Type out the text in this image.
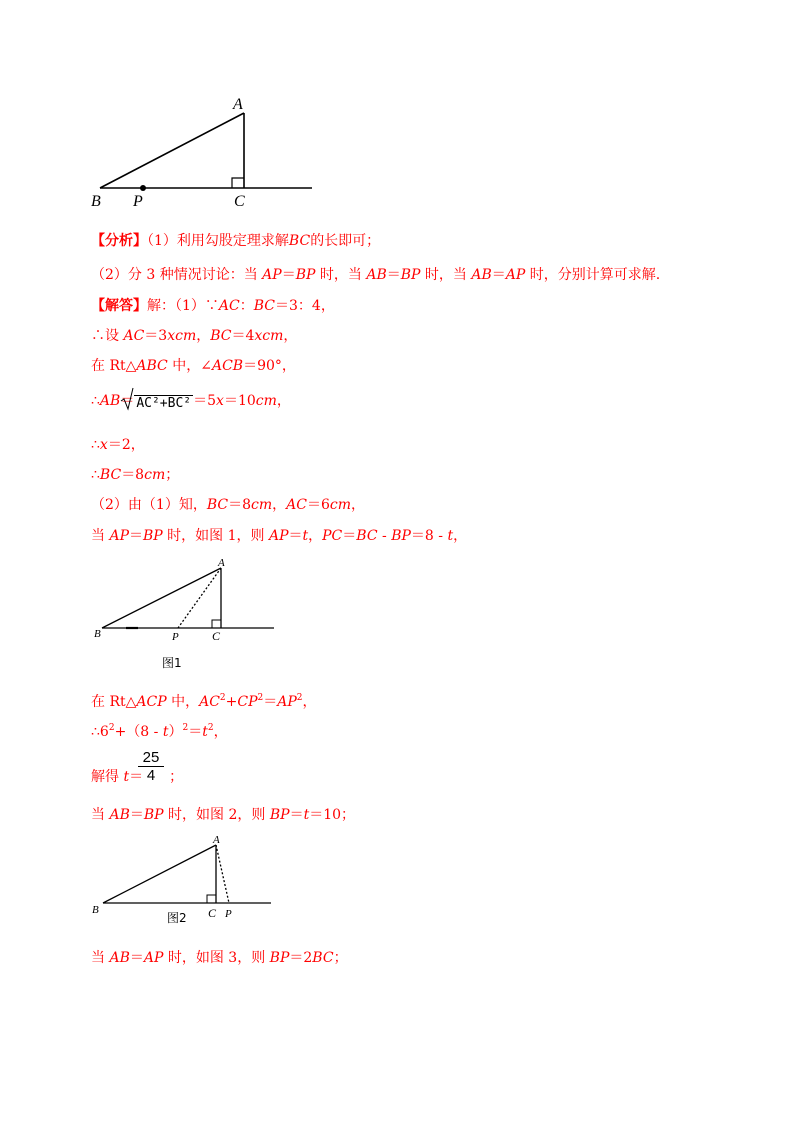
A
B P	C
A
B	P	C
A
B	C P
图1
图2
【分析】（1）利用勾股定理求解BC的长即可；
（2）分 3 种情况讨论：当 AP＝BP 时，当 AB＝BP 时，当 AB＝AP 时，分别计算可求解.
【解答】解：（1）∵AC：BC＝3：4，
∴设 AC＝3xcm，BC＝4xcm，
在 Rt△ABC 中，∠ACB＝90°，
∴AB＝ AC²+BC² ＝5x＝10cm，
∴x＝2，
∴BC＝8cm；
（2）由（1）知，BC＝8cm，AC＝6cm，
当 AP＝BP 时，如图 1，则 AP＝t，PC＝BC - BP＝8 - t，
在 Rt△ACP 中，$AC^2+CP^2=AP^2$，
$\therefore 6^2+(8 - t)^2=t^2$，
$\frac{25}{4}$
解得 t＝ ；
当 AB＝BP 时，如图 2，则 BP＝t＝10；
当 AB＝AP 时，如图 3，则 BP＝2BC；
